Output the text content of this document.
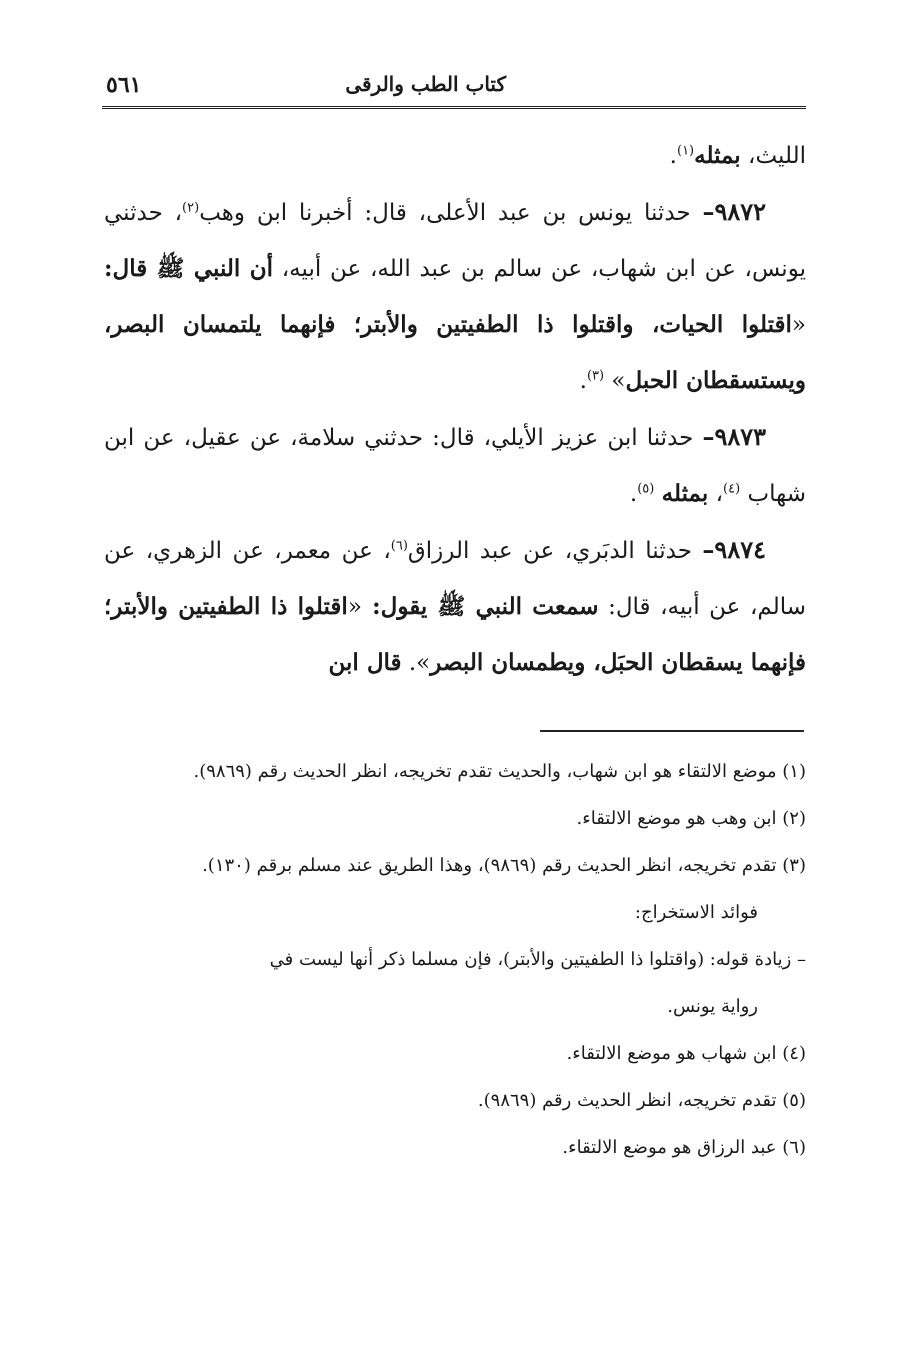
كتاب الطب والرقى
٥٦١

الليث، بمثله$^{(١)}$.

٩٨٧٢– حدثنا يونس بن عبد الأعلى، قال: أخبرنا ابن وهب$^{(٢)}$، حدثني يونس، عن ابن شهاب، عن سالم بن عبد الله، عن أبيه، أن النبي ﷺ قال: «اقتلوا الحيات، واقتلوا ذا الطفيتين والأبتر؛ فإنهما يلتمسان البصر، ويستسقطان الحبل» $^{(٣)}$.

٩٨٧٣– حدثنا ابن عزيز الأيلي، قال: حدثني سلامة، عن عقيل، عن ابن شهاب $^{(٤)}$، بمثله $^{(٥)}$.

٩٨٧٤– حدثنا الدبَري، عن عبد الرزاق$^{(٦)}$، عن معمر، عن الزهري، عن سالم، عن أبيه، قال: سمعت النبي ﷺ يقول: «اقتلوا ذا الطفيتين والأبتر؛ فإنهما يسقطان الحبَل، ويطمسان البصر». قال ابن

(١) موضع الالتقاء هو ابن شهاب، والحديث تقدم تخريجه، انظر الحديث رقم (٩٨٦٩).

(٢) ابن وهب هو موضع الالتقاء.

(٣) تقدم تخريجه، انظر الحديث رقم (٩٨٦٩)، وهذا الطريق عند مسلم برقم (١٣٠).

فوائد الاستخراج:

– زيادة قوله: (واقتلوا ذا الطفيتين والأبتر)، فإن مسلما ذكر أنها ليست في

رواية يونس.

(٤) ابن شهاب هو موضع الالتقاء.

(٥) تقدم تخريجه، انظر الحديث رقم (٩٨٦٩).

(٦) عبد الرزاق هو موضع الالتقاء.
